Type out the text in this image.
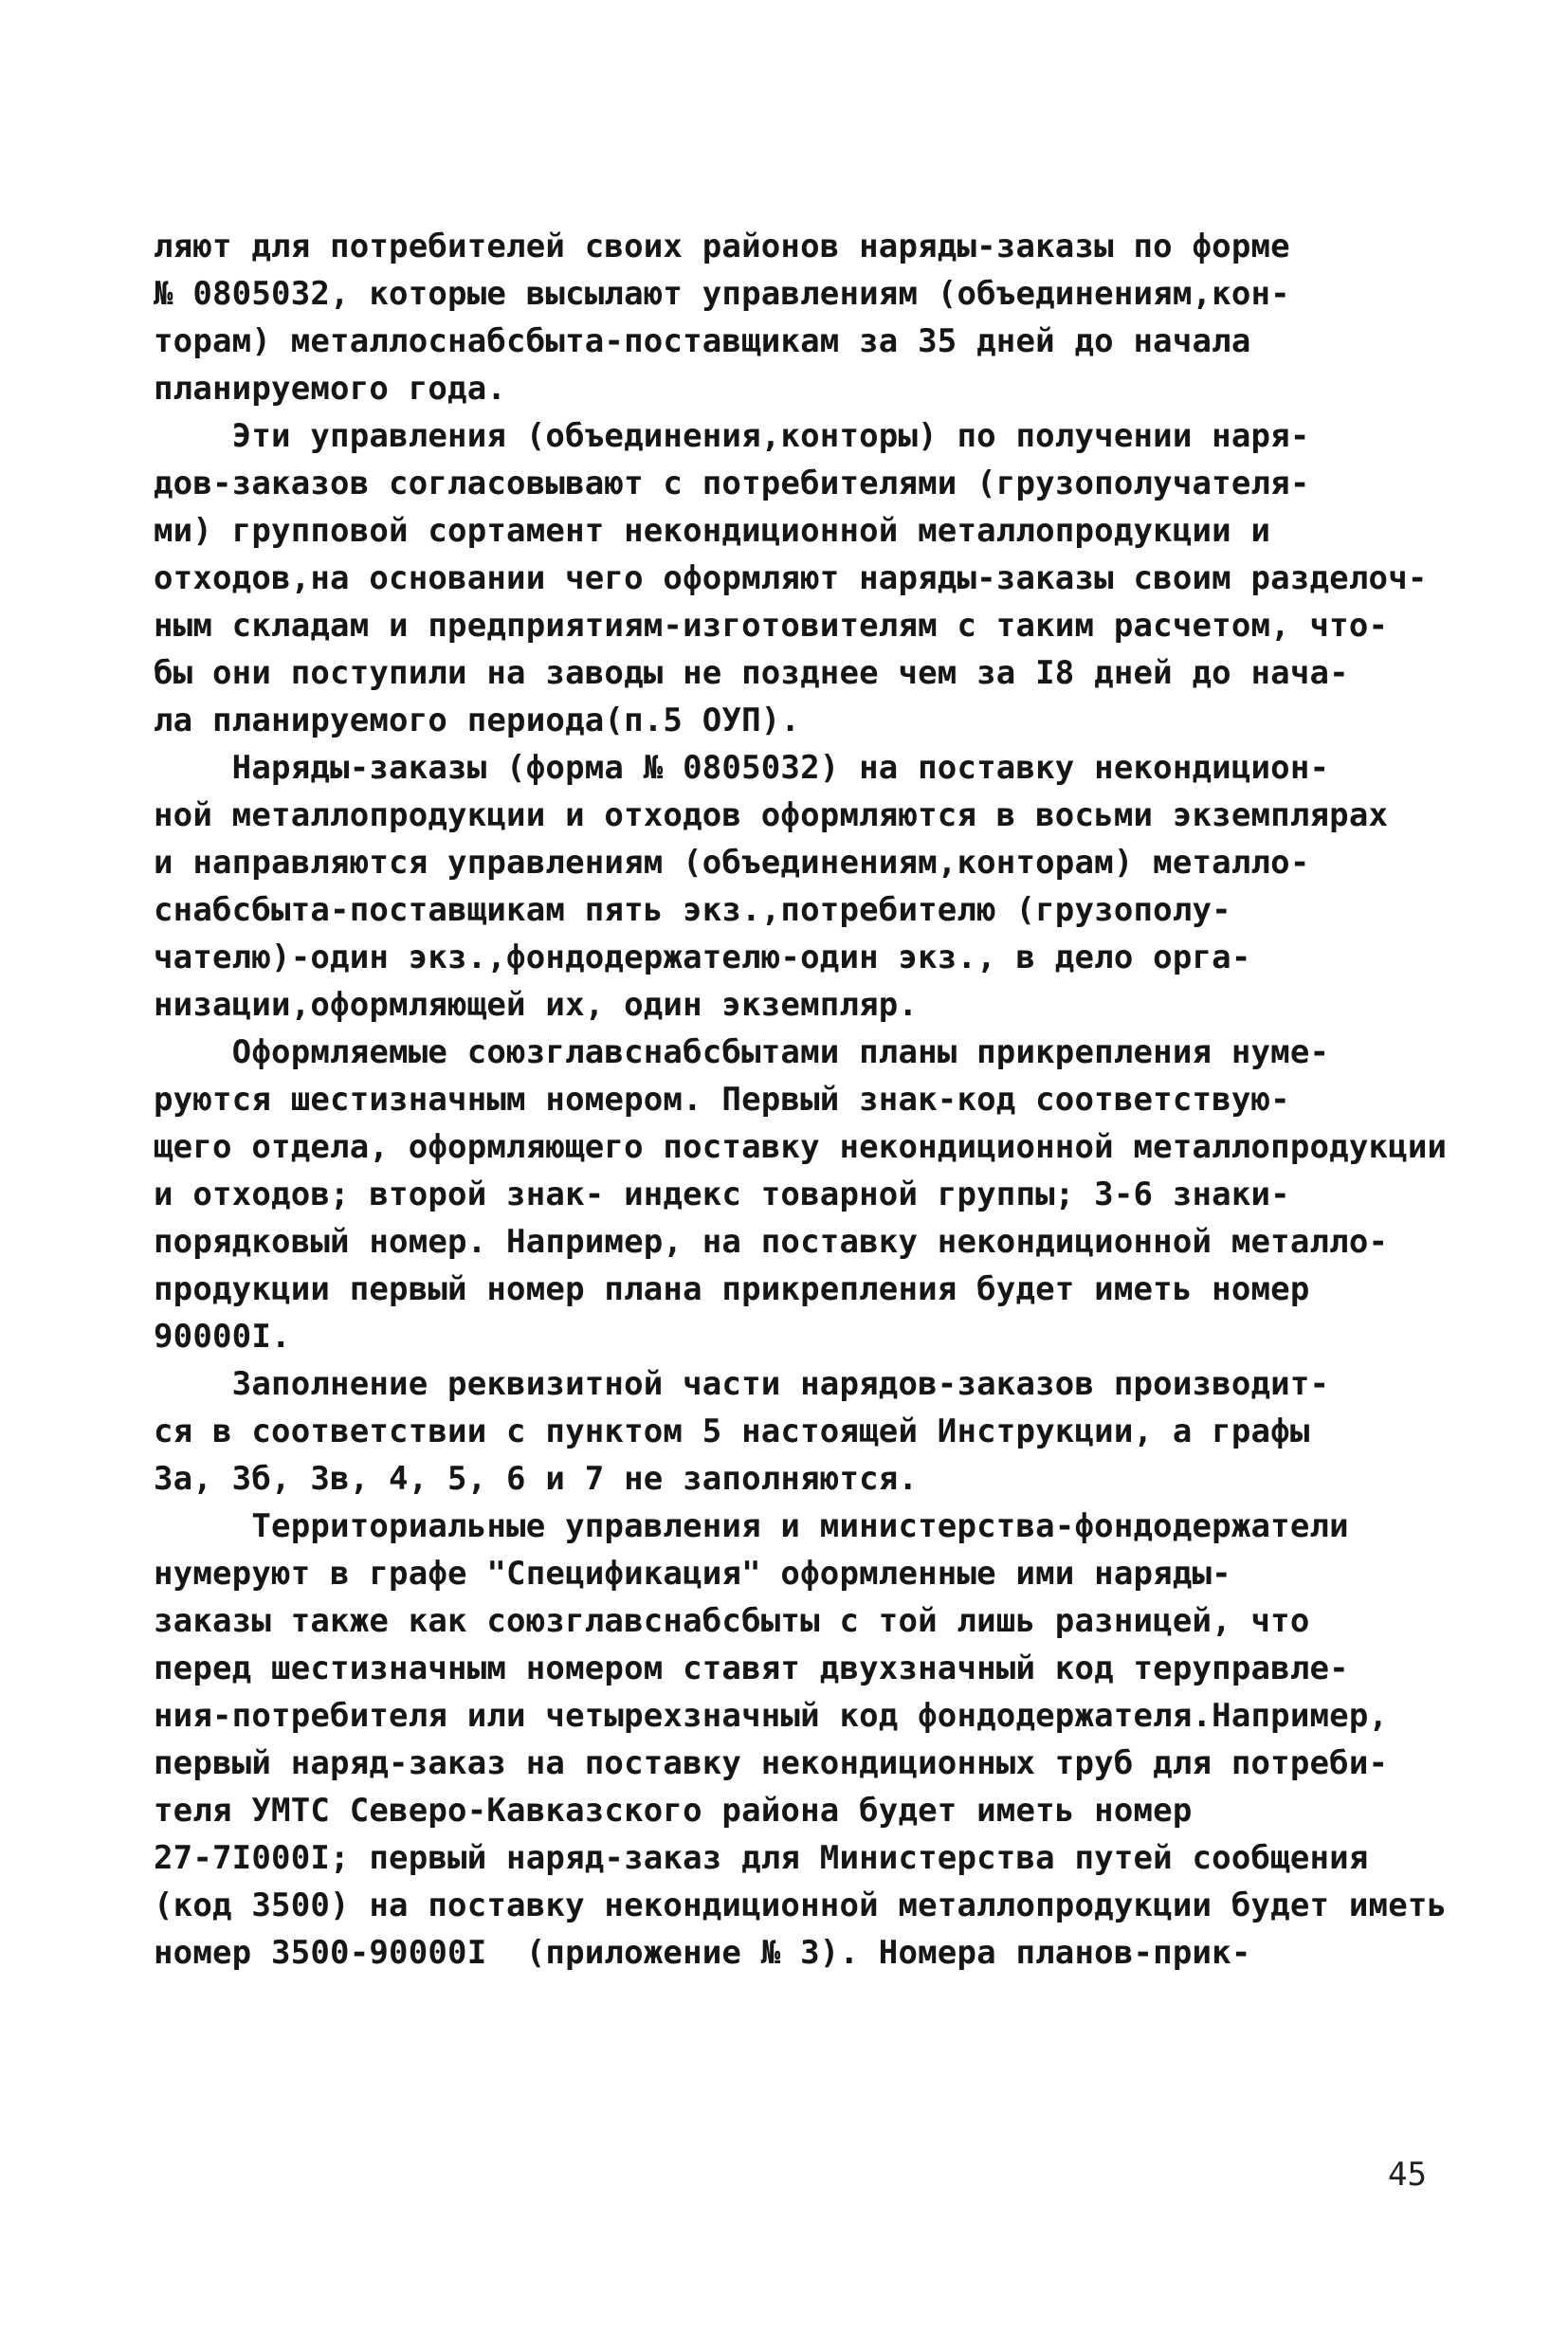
ляют для потребителей своих районов наряды-заказы по форме
№ 0805032, которые высылают управлениям (объединениям,кон-
торам) металлоснабсбыта-поставщикам за 35 дней до начала
планируемого года.
Эти управления (объединения,конторы) по получении наря-
дов-заказов согласовывают с потребителями (грузополучателя-
ми) групповой сортамент некондиционной металлопродукции и
отходов,на основании чего оформляют наряды-заказы своим разделоч-
ным складам и предприятиям-изготовителям с таким расчетом, что-
бы они поступили на заводы не позднее чем за I8 дней до нача-
ла планируемого периода(п.5 ОУП).
Наряды-заказы (форма № 0805032) на поставку некондицион-
ной металлопродукции и отходов оформляются в восьми экземплярах
и направляются управлениям (объединениям,конторам) металло-
снабсбыта-поставщикам пять экз.,потребителю (грузополу-
чателю)-один экз.,фондодержателю-один экз., в дело орга-
низации,оформляющей их, один экземпляр.
Оформляемые союзглавснабсбытами планы прикрепления нуме-
руются шестизначным номером. Первый знак-код соответствую-
щего отдела, оформляющего поставку некондиционной металлопродукции
и отходов; второй знак- индекс товарной группы; 3-6 знаки-
порядковый номер. Например, на поставку некондиционной металло-
продукции первый номер плана прикрепления будет иметь номер
90000I.
Заполнение реквизитной части нарядов-заказов производит-
ся в соответствии с пунктом 5 настоящей Инструкции, а графы
3а, 3б, 3в, 4, 5, 6 и 7 не заполняются.
Территориальные управления и министерства-фондодержатели
нумеруют в графе "Спецификация" оформленные ими наряды-
заказы также как союзглавснабсбыты с той лишь разницей, что
перед шестизначным номером ставят двухзначный код теруправле-
ния-потребителя или четырехзначный код фондодержателя.Например,
первый наряд-заказ на поставку некондиционных труб для потреби-
теля УМТС Северо-Кавказского района будет иметь номер
27-7I000I; первый наряд-заказ для Министерства путей сообщения
(код 3500) на поставку некондиционной металлопродукции будет иметь
номер 3500-90000I  (приложение № 3). Номера планов-прик-
45
